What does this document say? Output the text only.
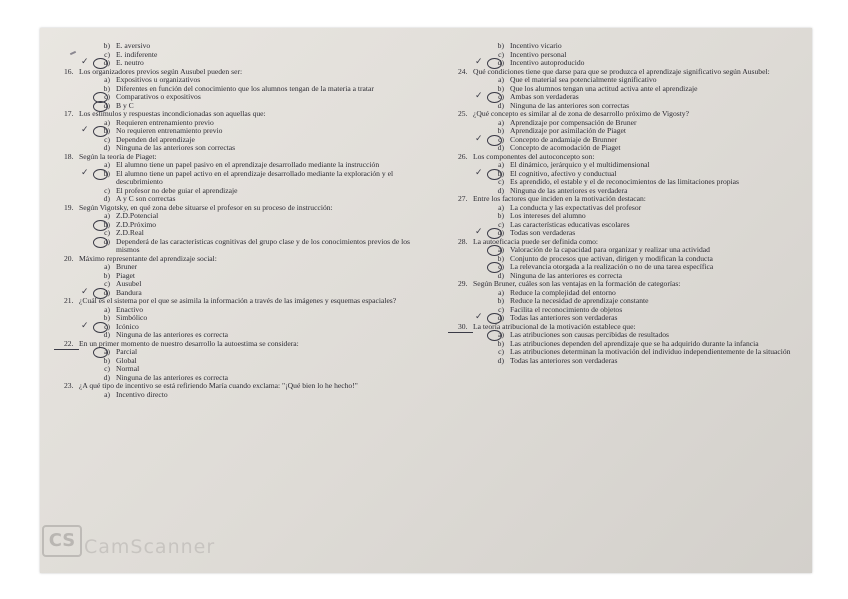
b) E. aversivo
c) E. indiferente
✓ d) E. neutro
16. Los organizadores previos según Ausubel pueden ser:
a) Expositivos u organizativos
b) Diferentes en función del conocimiento que los alumnos tengan de la materia a tratar
c) Comparativos o expositivos
d) B y C
17. Los estímulos y respuestas incondicionadas son aquellas que:
a) Requieren entrenamiento previo
✓ b) No requieren entrenamiento previo
c) Dependen del aprendizaje
d) Ninguna de las anteriores son correctas
18. Según la teoría de Piaget:
a) El alumno tiene un papel pasivo en el aprendizaje desarrollado mediante la instrucción
✓ b) El alumno tiene un papel activo en el aprendizaje desarrollado mediante la exploración y el descubrimiento
c) El profesor no debe guiar el aprendizaje
d) A y C son correctas
19. Según Vigotsky, en qué zona debe situarse el profesor en su proceso de instrucción:
a) Z.D.Potencial
b) Z.D.Próximo
c) Z.D.Real
d) Dependerá de las características cognitivas del grupo clase y de los conocimientos previos de los mismos
20. Máximo representante del aprendizaje social:
a) Bruner
b) Piaget
c) Ausubel
✓ d) Bandura
21. ¿Cuál es el sistema por el que se asimila la información a través de las imágenes y esquemas espaciales?
a) Enactivo
b) Simbólico
✓ c) Icónico
d) Ninguna de las anteriores es correcta
22. En un primer momento de nuestro desarrollo la autoestima se considera:
a) Parcial
b) Global
c) Normal
d) Ninguna de las anteriores es correcta
23. ¿A qué tipo de incentivo se está refiriendo María cuando exclama: "¡Qué bien lo he hecho!"
a) Incentivo directo
b) Incentivo vicario
c) Incentivo personal
✓ d) Incentivo autoproducido
24. Qué condiciones tiene que darse para que se produzca el aprendizaje significativo según Ausubel:
a) Que el material sea potencialmente significativo
b) Que los alumnos tengan una actitud activa ante el aprendizaje
✓ c) Ambas son verdaderas
d) Ninguna de las anteriores son correctas
25. ¿Qué concepto es similar al de zona de desarrollo próximo de Vigosty?
a) Aprendizaje por compensación de Bruner
b) Aprendizaje por asimilación de Piaget
✓ c) Concepto de andamiaje de Brunner
d) Concepto de acomodación de Piaget
26. Los componentes del autoconcepto son:
a) El dinámico, jerárquico y el multidimensional
✓ b) El cognitivo, afectivo y conductual
c) Es aprendido, el estable y el de reconocimientos de las limitaciones propias
d) Ninguna de las anteriores es verdadera
27. Entre los factores que inciden en la motivación destacan:
a) La conducta y las expectativas del profesor
b) Los intereses del alumno
c) Las características educativas escolares
✓ d) Todas son verdaderas
28. La autoeficacia puede ser definida como:
a) Valoración de la capacidad para organizar y realizar una actividad
b) Conjunto de procesos que activan, dirigen y modifican la conducta
c) La relevancia otorgada a la realización o no de una tarea específica
d) Ninguna de las anteriores es correcta
29. Según Bruner, cuáles son las ventajas en la formación de categorías:
a) Reduce la complejidad del entorno
b) Reduce la necesidad de aprendizaje constante
c) Facilita el reconocimiento de objetos
✓ d) Todas las anteriores son verdaderas
30. La teoría atribucional de la motivación establece que:
a) Las atribuciones son causas percibidas de resultados
b) Las atribuciones dependen del aprendizaje que se ha adquirido durante la infancia
c) Las atribuciones determinan la motivación del individuo independientemente de la situación
d) Todas las anteriores son verdaderas
CS CamScanner
